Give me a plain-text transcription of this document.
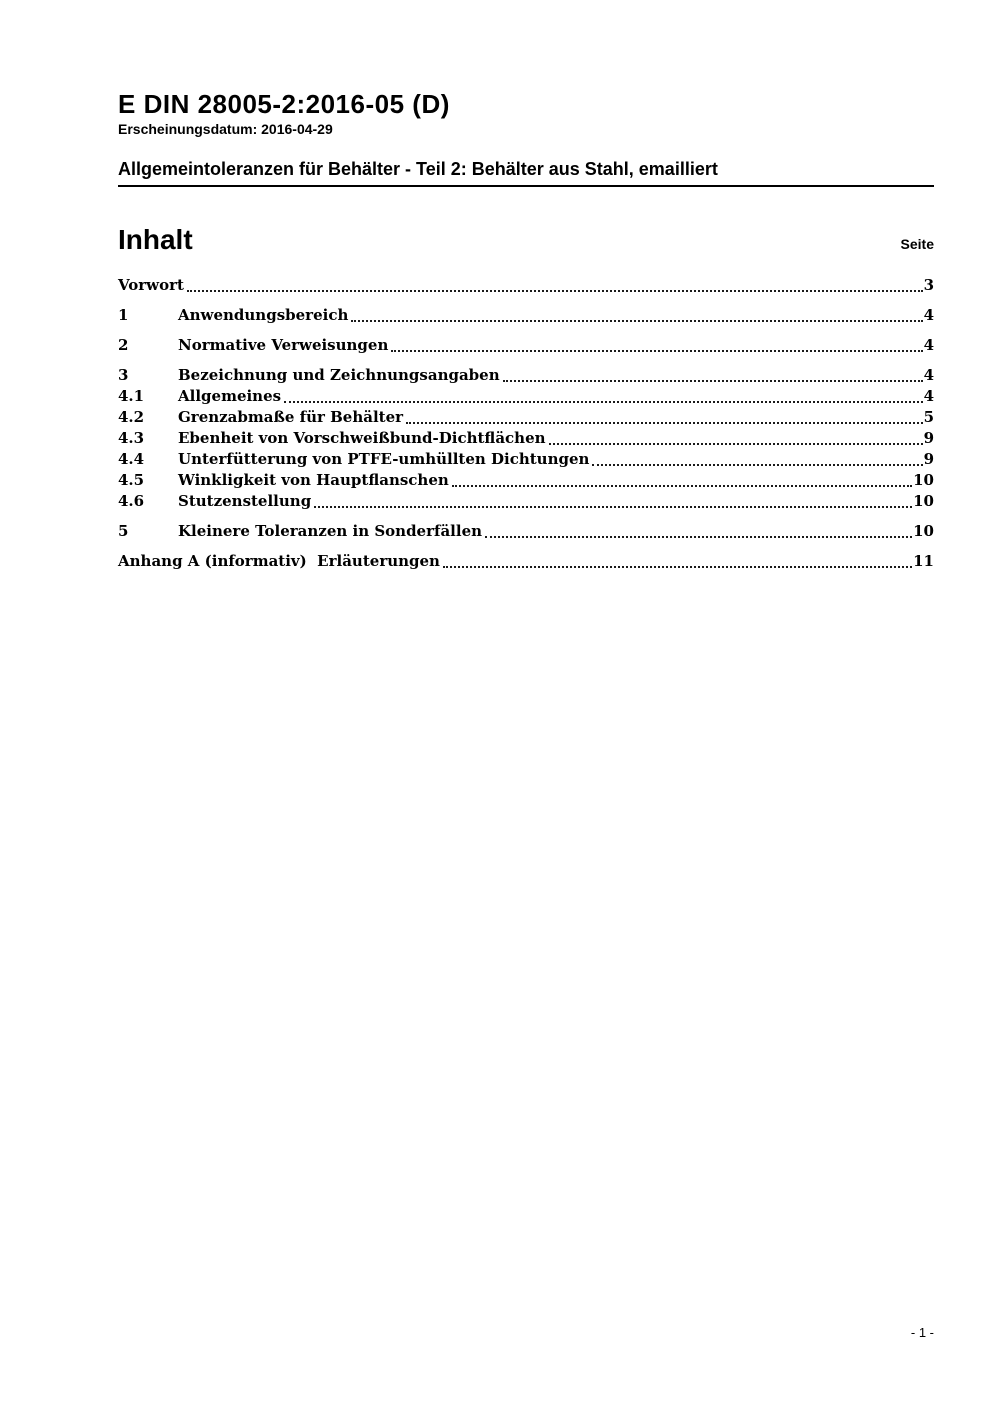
E DIN 28005-2:2016-05 (D)
Erscheinungsdatum: 2016-04-29
Allgemeintoleranzen für Behälter - Teil 2: Behälter aus Stahl, emailliert
Inhalt	Seite
Vorwort	3
1	Anwendungsbereich	4
2	Normative Verweisungen	4
3	Bezeichnung und Zeichnungsangaben	4
4.1	Allgemeines	4
4.2	Grenzabmaße für Behälter	5
4.3	Ebenheit von Vorschweißbund-Dichtflächen	9
4.4	Unterfütterung von PTFE-umhüllten Dichtungen	9
4.5	Winkligkeit von Hauptflanschen	10
4.6	Stutzenstellung	10
5	Kleinere Toleranzen in Sonderfällen	10
Anhang A (informativ)  Erläuterungen	11
- 1 -
